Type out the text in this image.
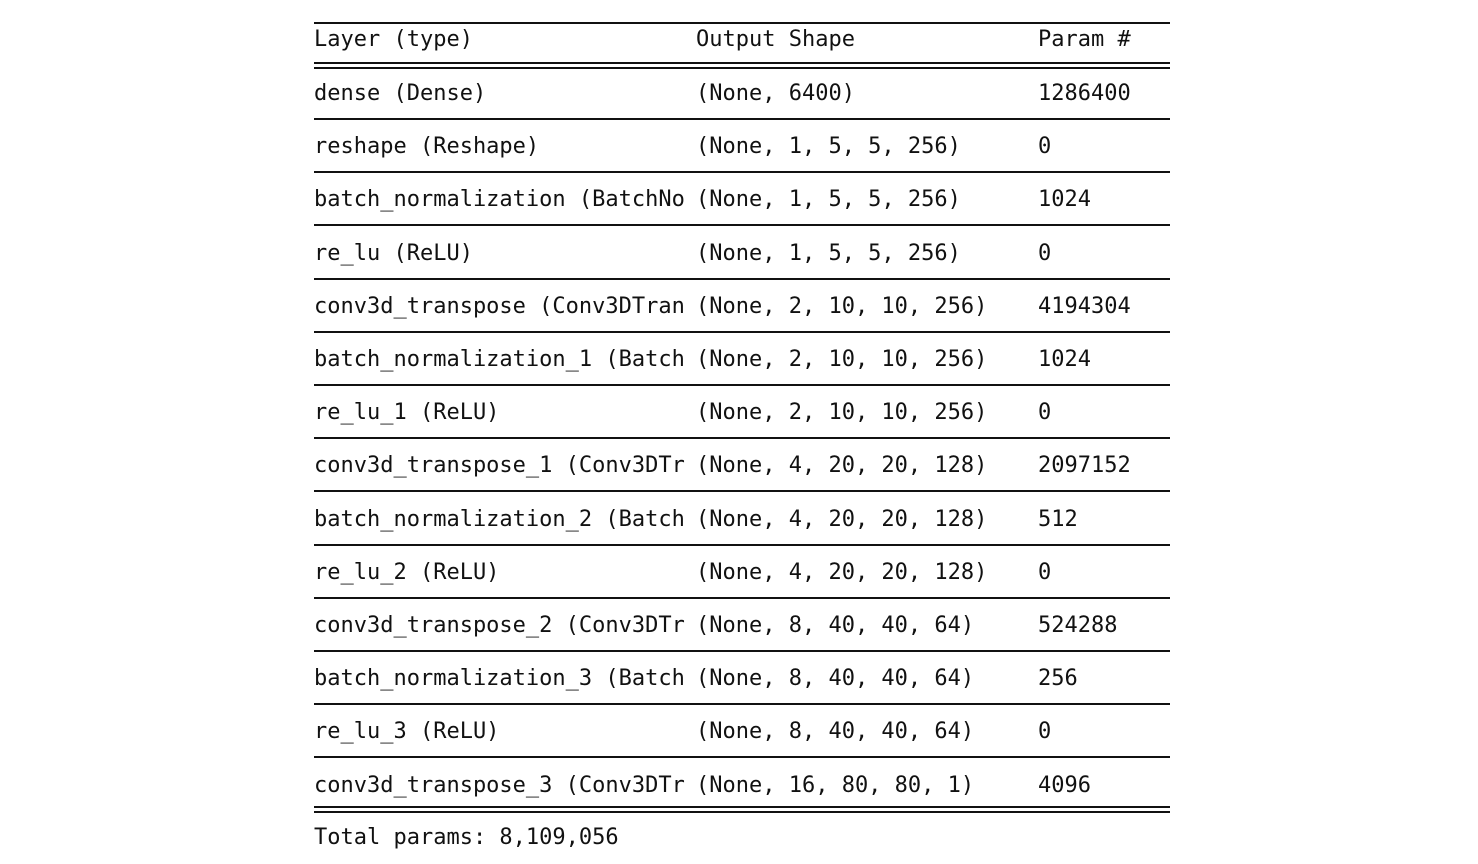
Layer (type)	Output Shape	Param #
dense (Dense)	(None, 6400)	1286400
reshape (Reshape)	(None, 1, 5, 5, 256)	0
batch_normalization (BatchNo (None, 1, 5, 5, 256)	1024
re_lu (ReLU)	(None, 1, 5, 5, 256)	0
conv3d_transpose (Conv3DTran (None, 2, 10, 10, 256)	4194304
batch_normalization_1 (Batch (None, 2, 10, 10, 256)	1024
re_lu_1 (ReLU)	(None, 2, 10, 10, 256)	0
conv3d_transpose_1 (Conv3DTr (None, 4, 20, 20, 128)	2097152
batch_normalization_2 (Batch (None, 4, 20, 20, 128)	512
re_lu_2 (ReLU)	(None, 4, 20, 20, 128)	0
conv3d_transpose_2 (Conv3DTr (None, 8, 40, 40, 64)	524288
batch_normalization_3 (Batch (None, 8, 40, 40, 64)	256
re_lu_3 (ReLU)	(None, 8, 40, 40, 64)	0
conv3d_transpose_3 (Conv3DTr (None, 16, 80, 80, 1)	4096
Total params: 8,109,056
